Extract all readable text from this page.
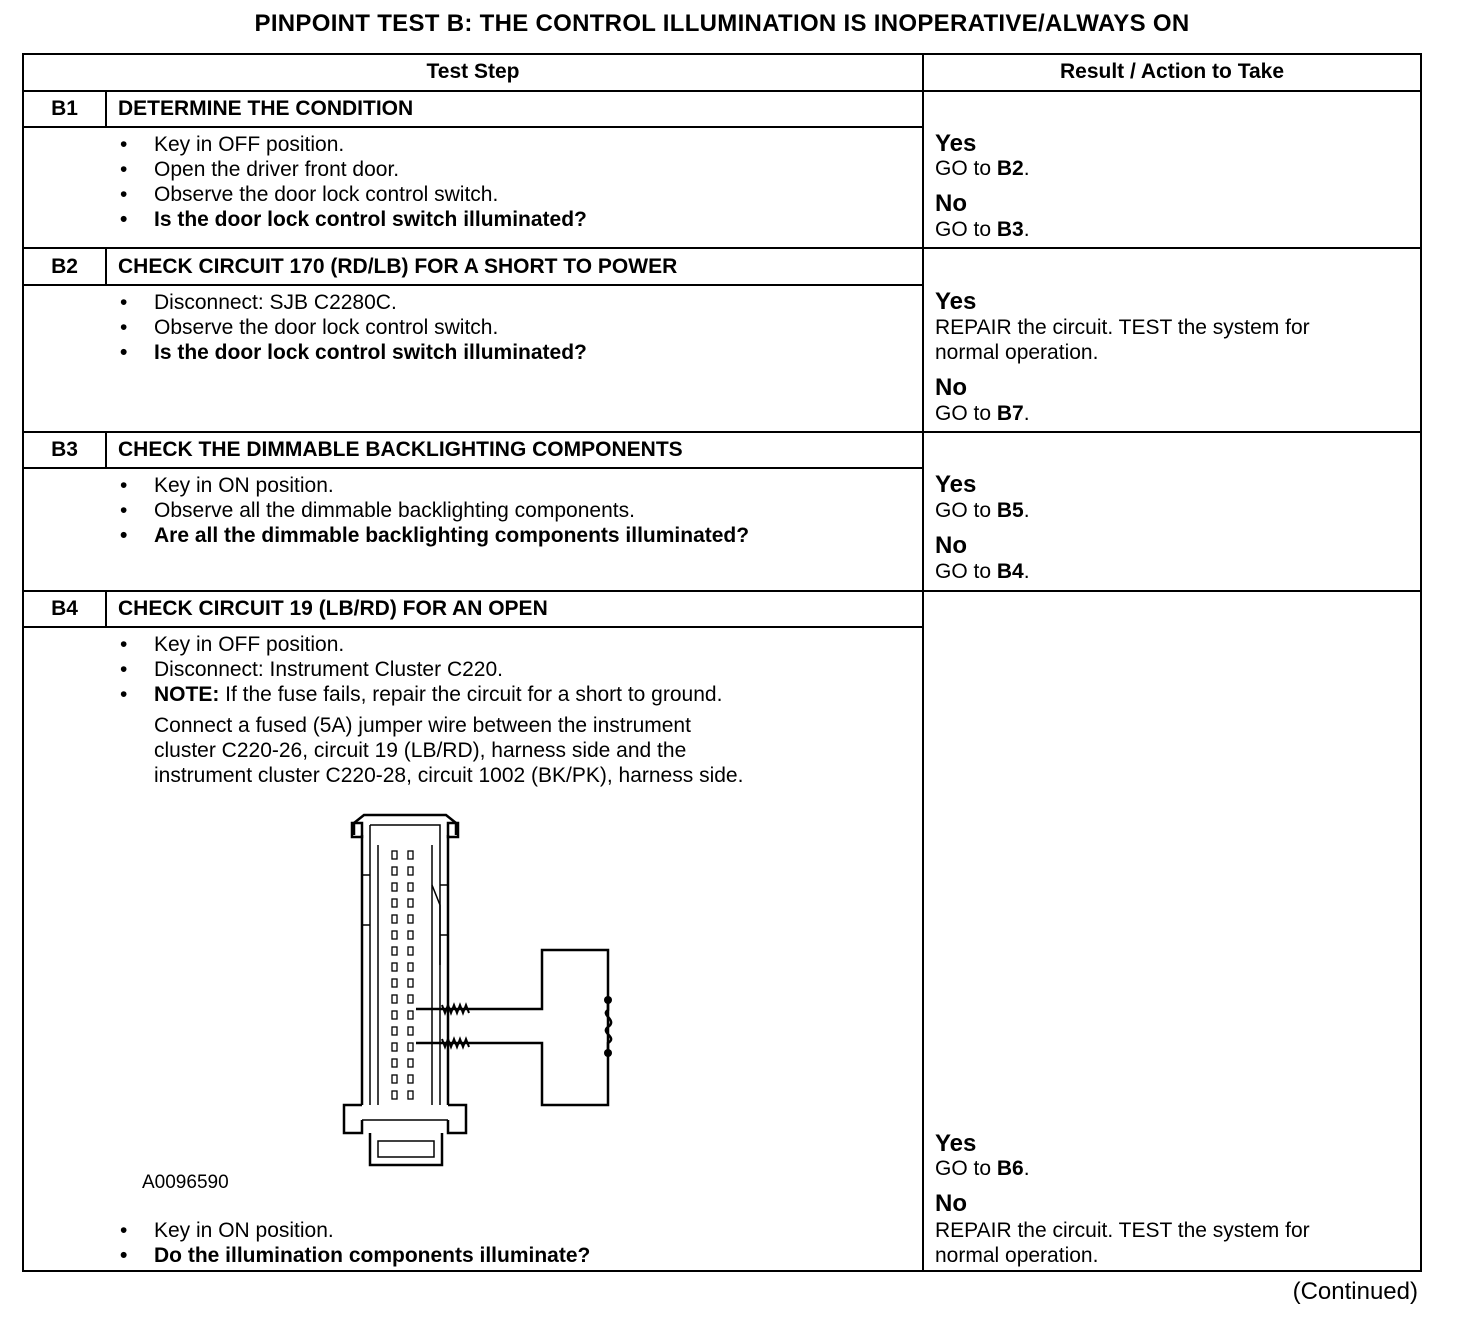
PINPOINT TEST B: THE CONTROL ILLUMINATION IS INOPERATIVE/ALWAYS ON
Test Step	Result / Action to Take
B1	DETERMINE THE CONDITION
• Key in OFF position.
• Open the driver front door.
• Observe the door lock control switch.
• Is the door lock control switch illuminated?
Yes
GO to B2.
No
GO to B3.
B2	CHECK CIRCUIT 170 (RD/LB) FOR A SHORT TO POWER
• Disconnect: SJB C2280C.
• Observe the door lock control switch.
• Is the door lock control switch illuminated?
Yes
REPAIR the circuit. TEST the system for
normal operation.
No
GO to B7.
B3	CHECK THE DIMMABLE BACKLIGHTING COMPONENTS
• Key in ON position.
• Observe all the dimmable backlighting components.
• Are all the dimmable backlighting components illuminated?
Yes
GO to B5.
No
GO to B4.
B4	CHECK CIRCUIT 19 (LB/RD) FOR AN OPEN
• Key in OFF position.
• Disconnect: Instrument Cluster C220.
• NOTE: If the fuse fails, repair the circuit for a short to ground.
Connect a fused (5A) jumper wire between the instrument
cluster C220-26, circuit 19 (LB/RD), harness side and the
instrument cluster C220-28, circuit 1002 (BK/PK), harness side.
• Key in ON position.
• Do the illumination components illuminate?
Yes
GO to B6.
No
REPAIR the circuit. TEST the system for
normal operation.
A0096590
(Continued)
